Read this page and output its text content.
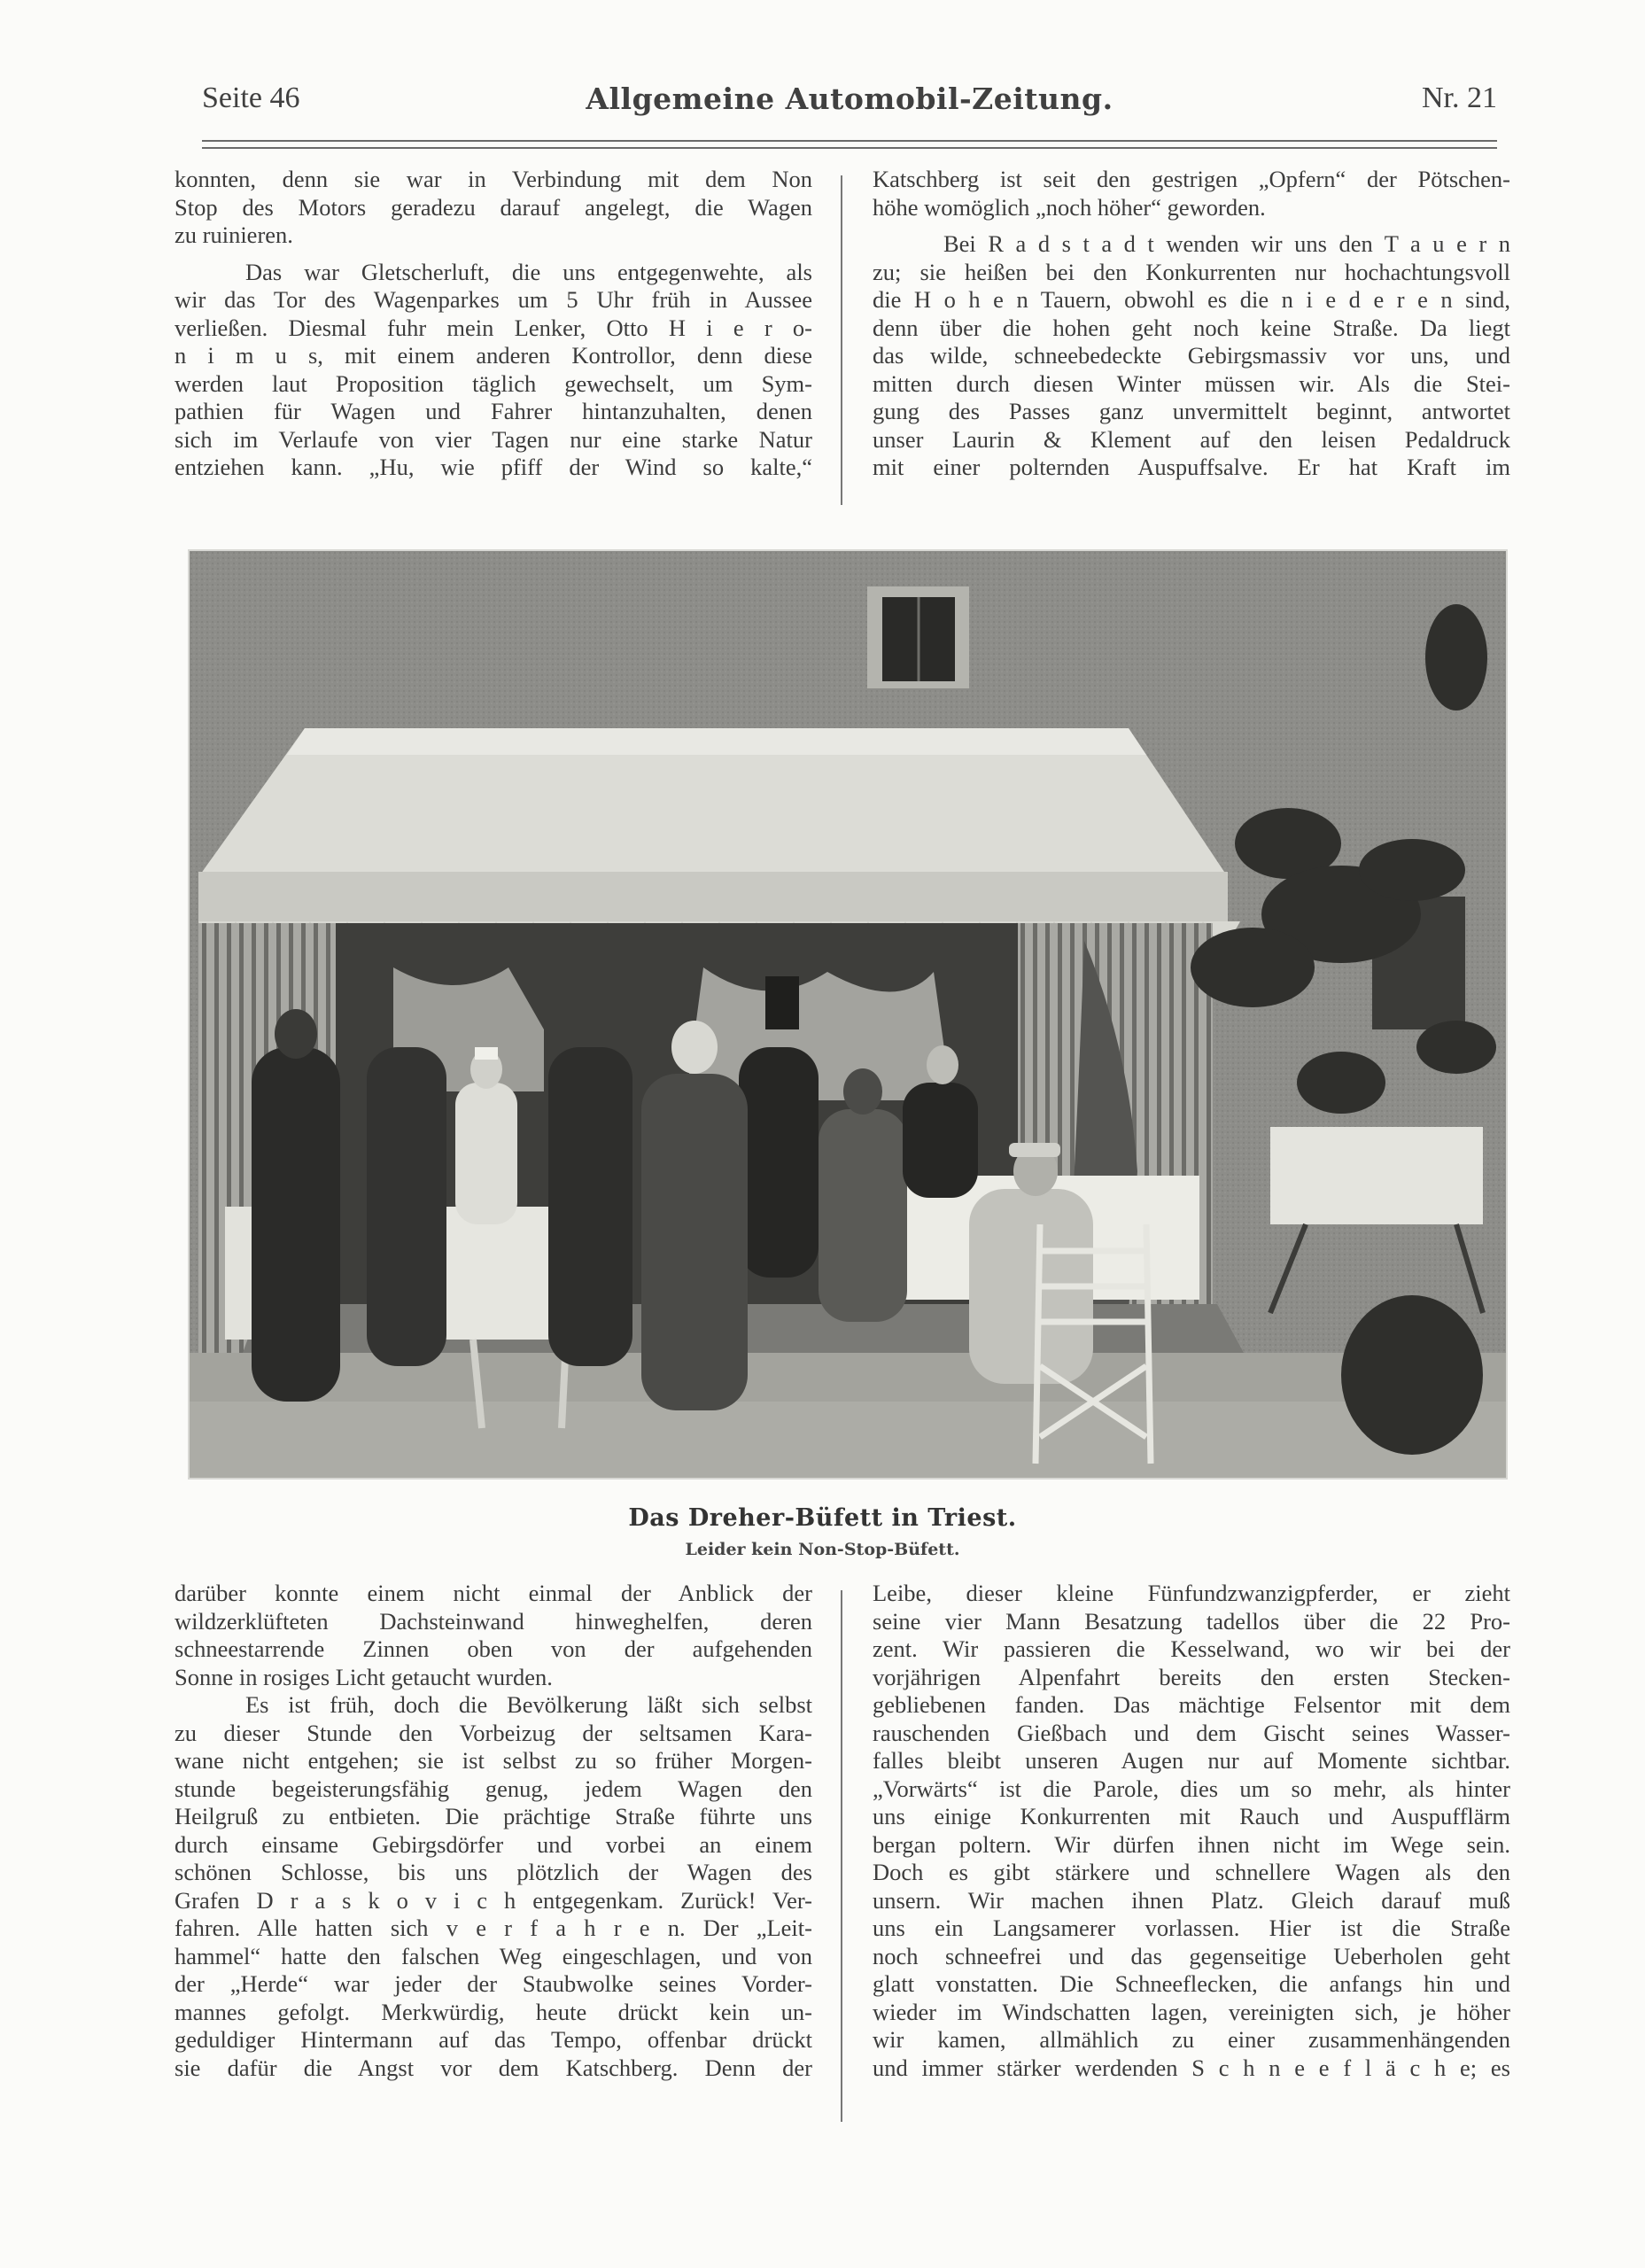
Seite 46	Allgemeine Automobil-Zeitung.	Nr. 21
konnten, denn sie war in Verbindung mit dem Non
Stop des Motors geradezu darauf angelegt, die Wagen
zu ruinieren.
Das war Gletscherluft, die uns entgegenwehte, als
wir das Tor des Wagenparkes um 5 Uhr früh in Aussee
verließen. Diesmal fuhr mein Lenker, Otto H i e r o-
n i m u s, mit einem anderen Kontrollor, denn diese
werden laut Proposition täglich gewechselt, um Sym-
pathien für Wagen und Fahrer hintanzuhalten, denen
sich im Verlaufe von vier Tagen nur eine starke Natur
entziehen kann. „Hu, wie pfiff der Wind so kalte,“
Katschberg ist seit den gestrigen „Opfern“ der Pötschen-
höhe womöglich „noch höher“ geworden.
Bei R a d s t a d t wenden wir uns den T a u e r n
zu; sie heißen bei den Konkurrenten nur hochachtungsvoll
die H o h e n Tauern, obwohl es die n i e d e r e n sind,
denn über die hohen geht noch keine Straße. Da liegt
das wilde, schneebedeckte Gebirgsmassiv vor uns, und
mitten durch diesen Winter müssen wir. Als die Stei-
gung des Passes ganz unvermittelt beginnt, antwortet
unser Laurin & Klement auf den leisen Pedaldruck
mit einer polternden Auspuffsalve. Er hat Kraft im
Das Dreher-Büfett in Triest.
Leider kein Non-Stop-Büfett.
darüber konnte einem nicht einmal der Anblick der
wildzerklüfteten Dachsteinwand hinweghelfen, deren
schneestarrende Zinnen oben von der aufgehenden
Sonne in rosiges Licht getaucht wurden.
Es ist früh, doch die Bevölkerung läßt sich selbst
zu dieser Stunde den Vorbeizug der seltsamen Kara-
wane nicht entgehen; sie ist selbst zu so früher Morgen-
stunde begeisterungsfähig genug, jedem Wagen den
Heilgruß zu entbieten. Die prächtige Straße führte uns
durch einsame Gebirgsdörfer und vorbei an einem
schönen Schlosse, bis uns plötzlich der Wagen des
Grafen D r a s k o v i c h entgegenkam. Zurück! Ver-
fahren. Alle hatten sich v e r f a h r e n. Der „Leit-
hammel“ hatte den falschen Weg eingeschlagen, und von
der „Herde“ war jeder der Staubwolke seines Vorder-
mannes gefolgt. Merkwürdig, heute drückt kein un-
geduldiger Hintermann auf das Tempo, offenbar drückt
sie dafür die Angst vor dem Katschberg. Denn der
Leibe, dieser kleine Fünfundzwanzigpferder, er zieht
seine vier Mann Besatzung tadellos über die 22 Pro-
zent. Wir passieren die Kesselwand, wo wir bei der
vorjährigen Alpenfahrt bereits den ersten Stecken-
gebliebenen fanden. Das mächtige Felsentor mit dem
rauschenden Gießbach und dem Gischt seines Wasser-
falles bleibt unseren Augen nur auf Momente sichtbar.
„Vorwärts“ ist die Parole, dies um so mehr, als hinter
uns einige Konkurrenten mit Rauch und Auspufflärm
bergan poltern. Wir dürfen ihnen nicht im Wege sein.
Doch es gibt stärkere und schnellere Wagen als den
unsern. Wir machen ihnen Platz. Gleich darauf muß
uns ein Langsamerer vorlassen. Hier ist die Straße
noch schneefrei und das gegenseitige Ueberholen geht
glatt vonstatten. Die Schneeflecken, die anfangs hin und
wieder im Windschatten lagen, vereinigten sich, je höher
wir kamen, allmählich zu einer zusammenhängenden
und immer stärker werdenden S c h n e e f l ä c h e; es
